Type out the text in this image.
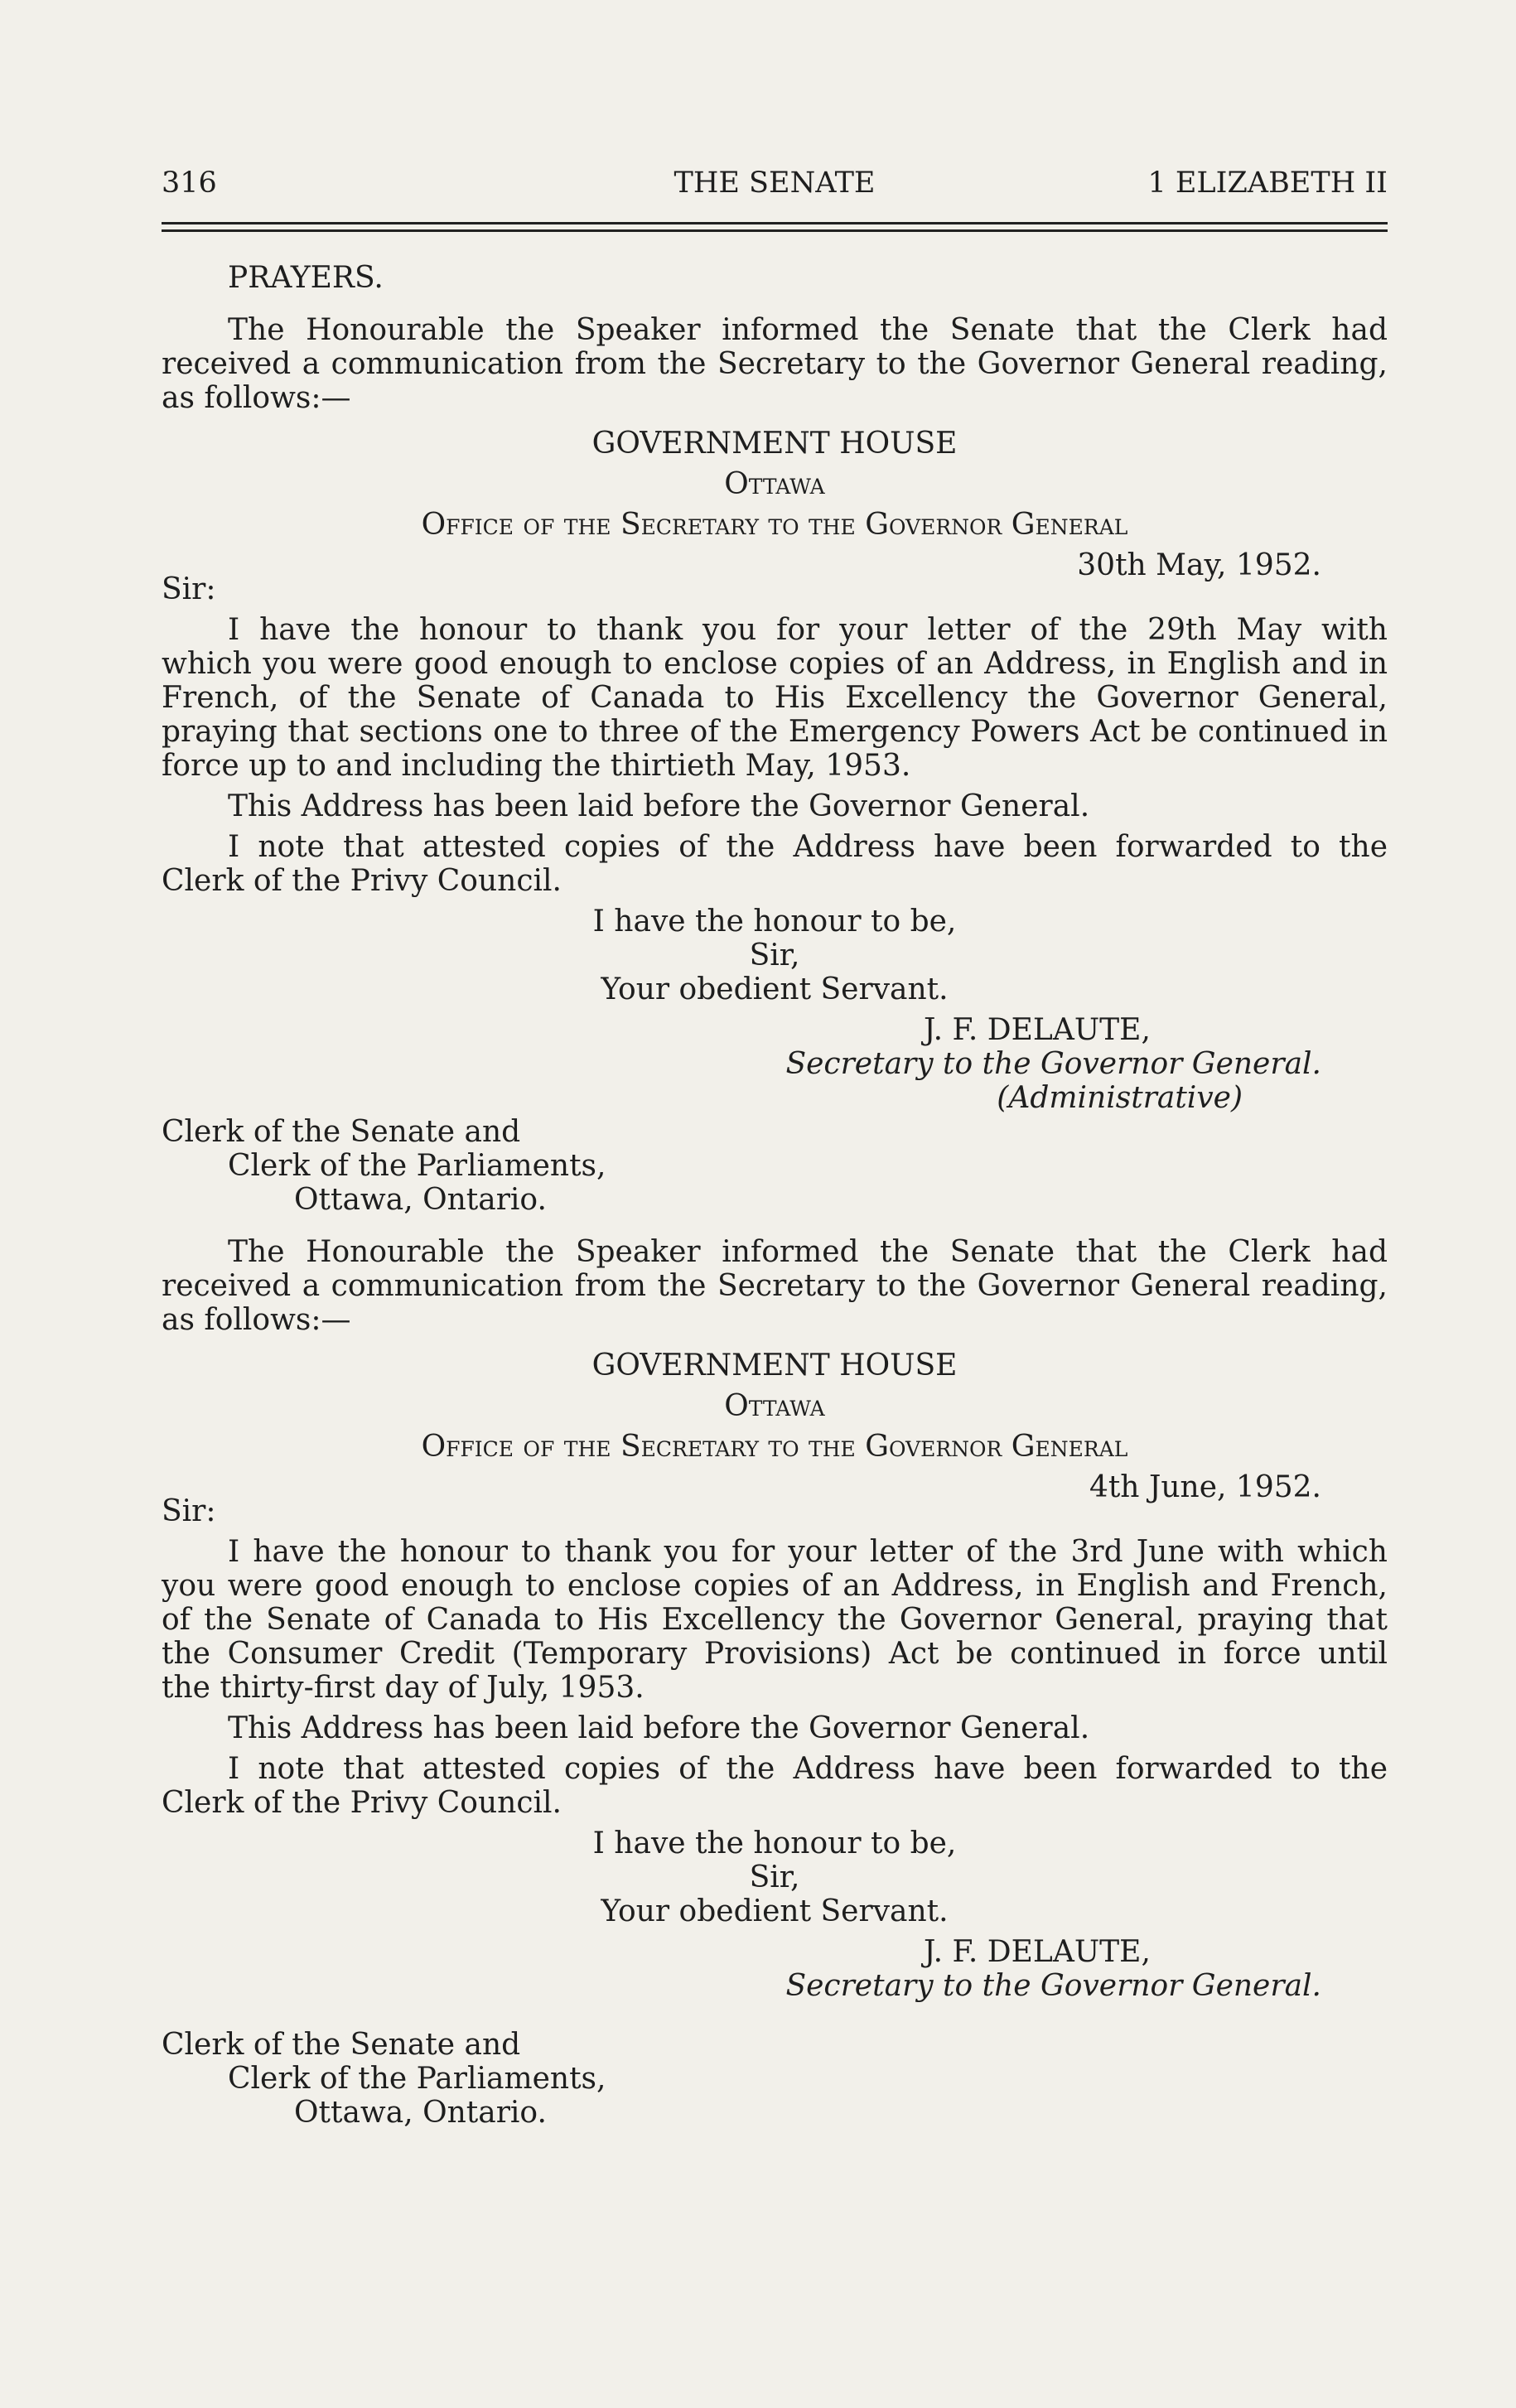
316	THE SENATE	1 ELIZABETH II

PRAYERS.

The Honourable the Speaker informed the Senate that the Clerk had

received a communication from the Secretary to the Governor General reading,

as follows:—

GOVERNMENT HOUSE

Ottawa

Office of the Secretary to the Governor General

30th May, 1952.

Sir:

I have the honour to thank you for your letter of the 29th May with

which you were good enough to enclose copies of an Address, in English and in

French, of the Senate of Canada to His Excellency the Governor General,

praying that sections one to three of the Emergency Powers Act be continued in

force up to and including the thirtieth May, 1953.

This Address has been laid before the Governor General.

I note that attested copies of the Address have been forwarded to the

Clerk of the Privy Council.

I have the honour to be,

Sir,

Your obedient Servant.

J. F. DELAUTE,

Secretary to the Governor General.

(Administrative)

Clerk of the Senate and

Clerk of the Parliaments,

Ottawa, Ontario.

The Honourable the Speaker informed the Senate that the Clerk had

received a communication from the Secretary to the Governor General reading,

as follows:—

GOVERNMENT HOUSE

Ottawa

Office of the Secretary to the Governor General

4th June, 1952.

Sir:

I have the honour to thank you for your letter of the 3rd June with which

you were good enough to enclose copies of an Address, in English and French,

of the Senate of Canada to His Excellency the Governor General, praying that

the Consumer Credit (Temporary Provisions) Act be continued in force until

the thirty-first day of July, 1953.

This Address has been laid before the Governor General.

I note that attested copies of the Address have been forwarded to the

Clerk of the Privy Council.

I have the honour to be,

Sir,

Your obedient Servant.

J. F. DELAUTE,

Secretary to the Governor General.

Clerk of the Senate and

Clerk of the Parliaments,

Ottawa, Ontario.
